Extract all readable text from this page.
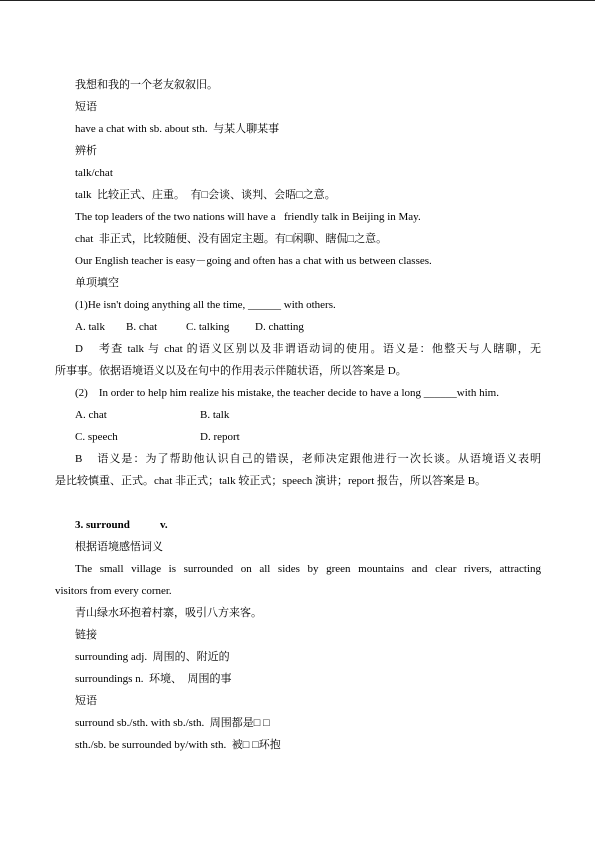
我想和我的一个老友叙叙旧。
短语
have a chat with sb. about sth.  与某人聊某事
辨析
talk/chat
talk  比较正式、庄重。  有□会谈、谈判、会晤□之意。
The top leaders of the two nations will have a   friendly talk in Beijing in May.
chat  非正式，比较随便、没有固定主题。有□闲聊、瞎侃□之意。
Our English teacher is easy－going and often has a chat with us between classes.
单项填空
(1)He isn't doing anything all the time, ______ with others.
A. talk B. chat	C. talking D. chatting
D    考查 talk 与 chat 的语义区别以及非谓语动词的使用。语义是：他整天与人瞎聊，无
所事事。依据语境语义以及在句中的作用表示伴随状语，所以答案是 D。
(2)    In order to help him realize his mistake, the teacher decide to have a long ______with him.
A. chat	B. talk
C. speech	D. report
B    语义是：为了帮助他认识自己的错误，老师决定跟他进行一次长谈。从语境语义表明
是比较慎重、正式。chat 非正式；talk 较正式；speech 演讲；report 报告，所以答案是 B。
3. surround	v.
根据语境感悟词义
The small village is surrounded on all sides by green mountains and clear rivers, attracting
visitors from every corner.
青山绿水环抱着村寨，吸引八方来客。
链接
surrounding adj.  周围的、附近的
surroundings n.  环境、  周围的事
短语
surround sb./sth. with sb./sth.  周围都是□ □
sth./sb. be surrounded by/with sth.  被□ □环抱
